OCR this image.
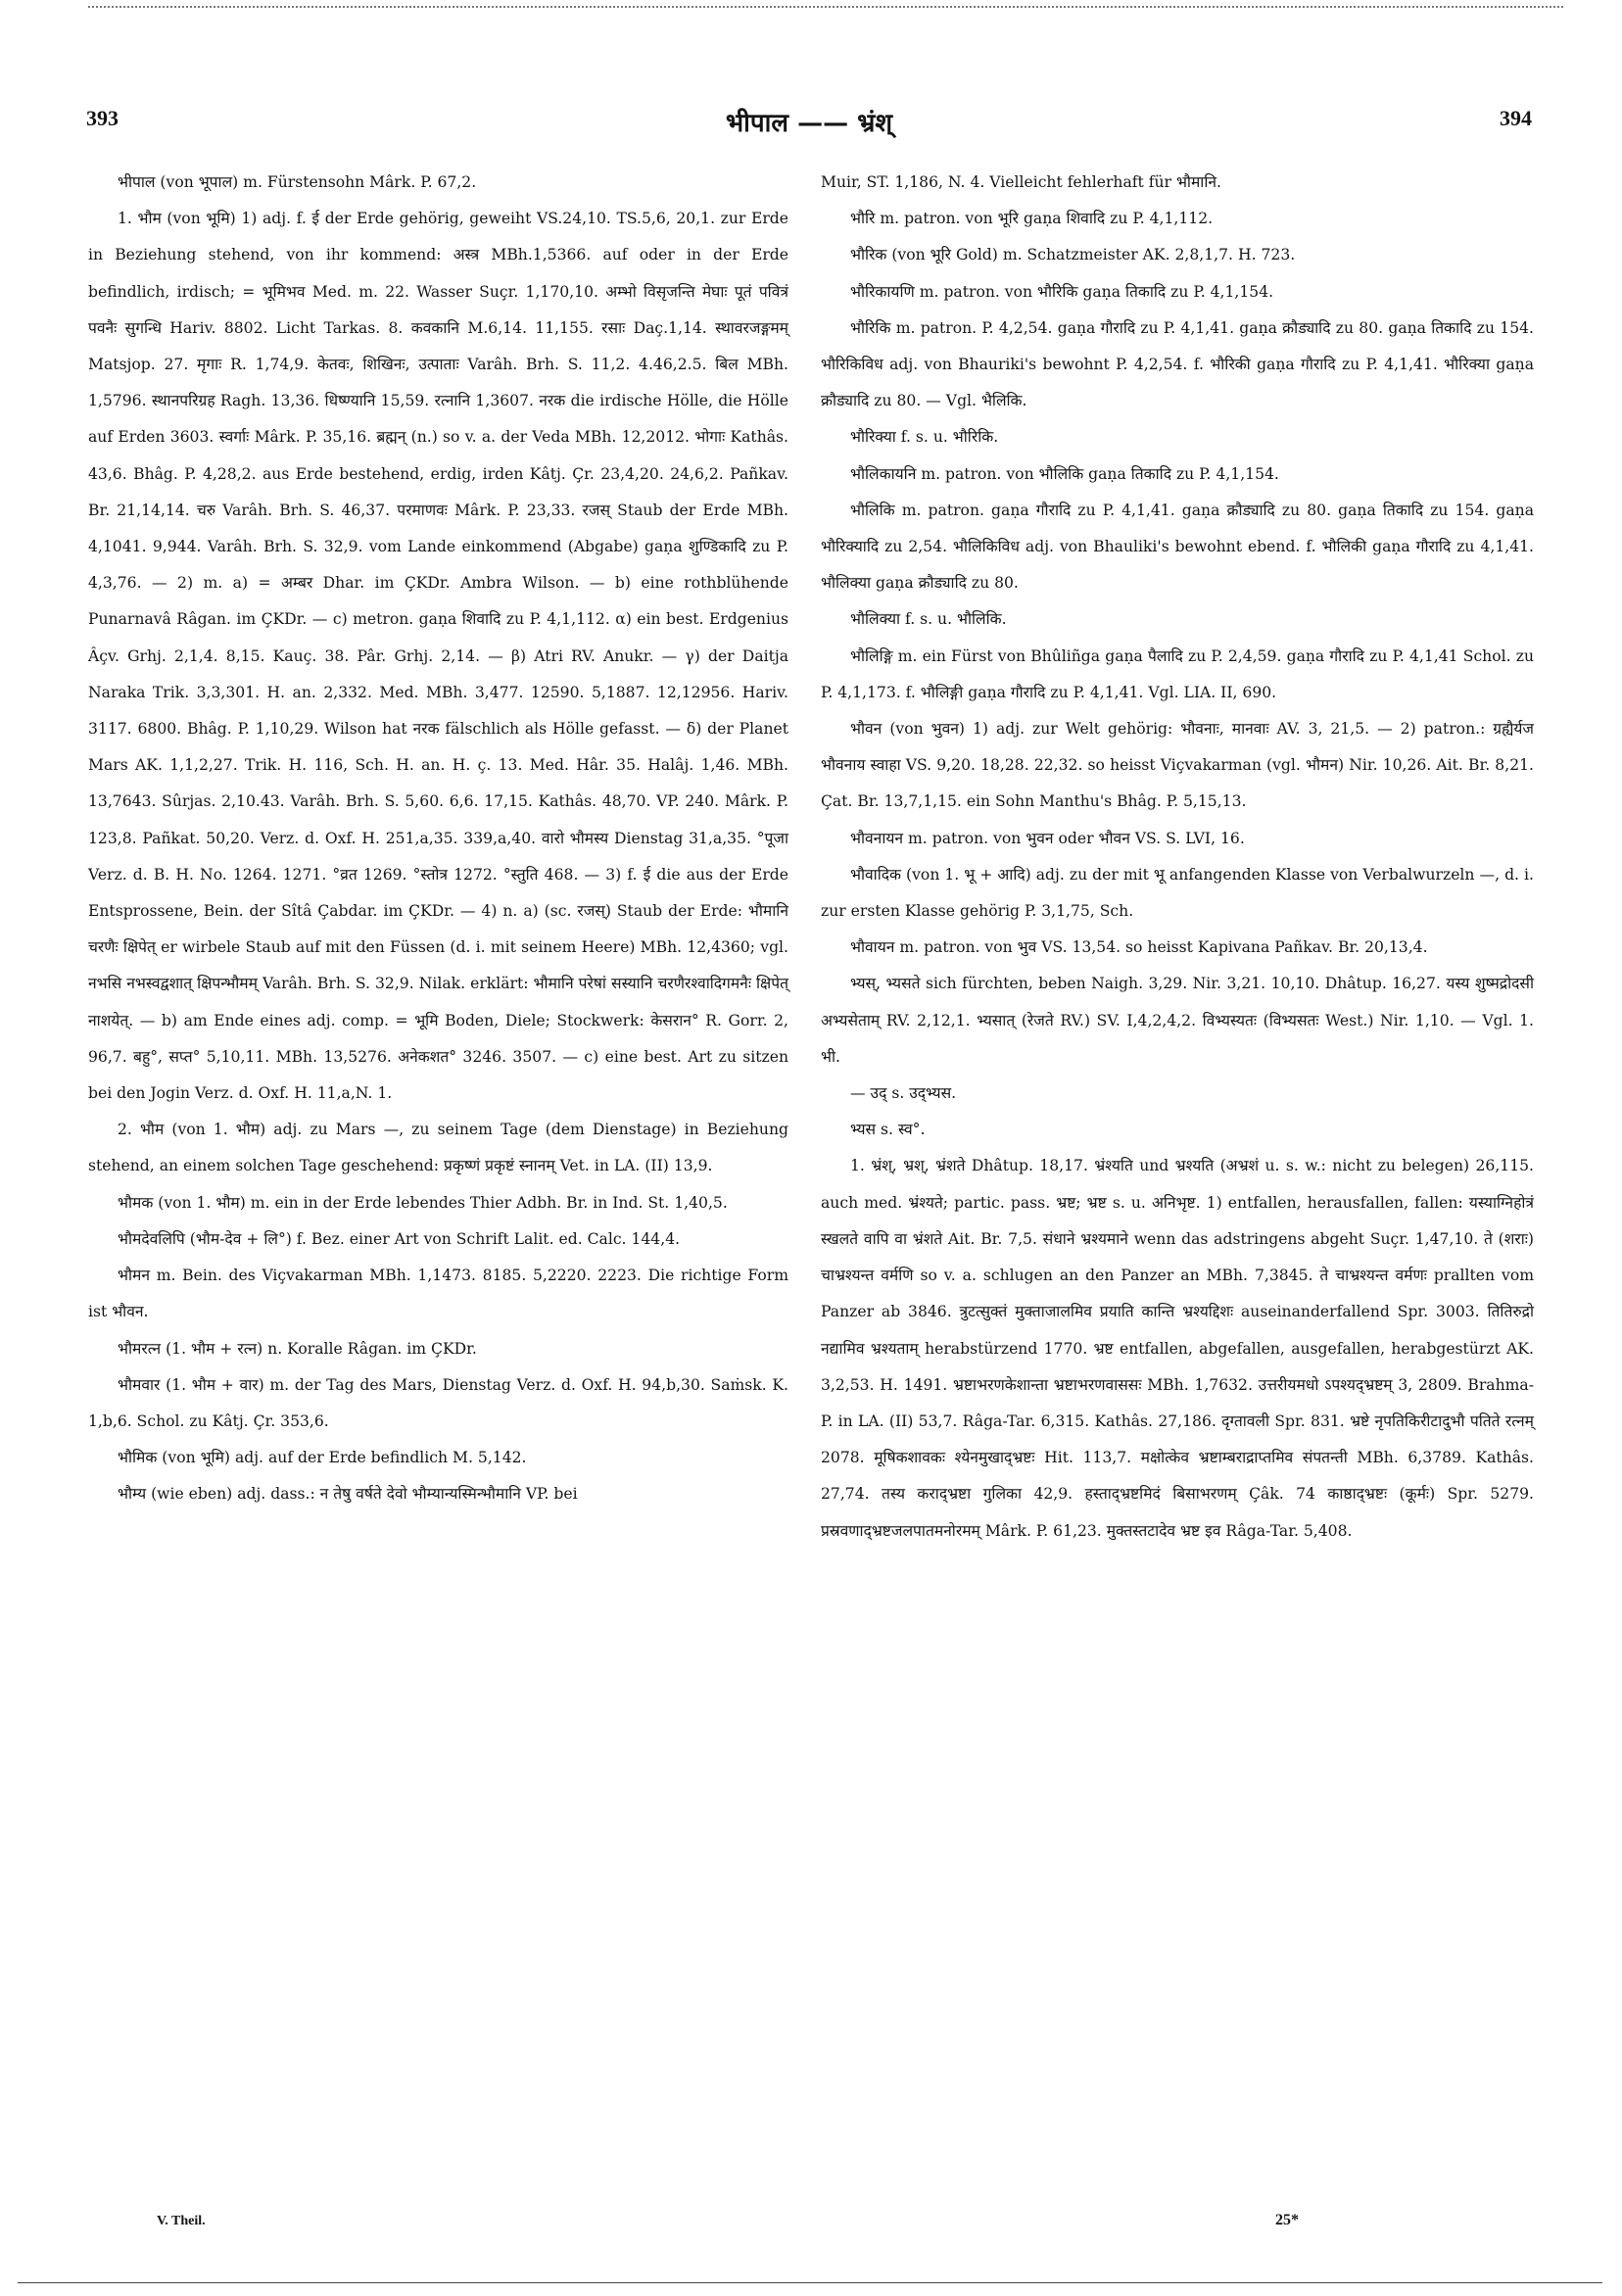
393	भीपाल —— भ्रंश्	394

भीपाल (von भूपाल) m. Fürstensohn Mârk. P. 67,2.

1. भौम (von भूमि) 1) adj. f. ई der Erde gehörig, geweiht VS.24,10. TS.5,6, 20,1. zur Erde in Beziehung stehend, von ihr kommend: अस्त्र MBh.1,5366. auf oder in der Erde befindlich, irdisch; = भूमिभव Med. m. 22. Wasser Suçr. 1,170,10. अम्भो विसृजन्ति मेघाः पूतं पवित्रं पवनैः सुगन्धि Hariv. 8802. Licht Tarkas. 8. कवकानि M.6,14. 11,155. रसाः Daç.1,14. स्थावरजङ्गमम् Matsjop. 27. मृगाः R. 1,74,9. केतवः, शिखिनः, उत्पाताः Varâh. Brh. S. 11,2. 4.46,2.5. बिल MBh. 1,5796. स्थानपरिग्रह Ragh. 13,36. धिष्ण्यानि 15,59. रत्नानि 1,3607. नरक die irdische Hölle, die Hölle auf Erden 3603. स्वर्गाः Mârk. P. 35,16. ब्रह्मन् (n.) so v. a. der Veda MBh. 12,2012. भोगाः Kathâs. 43,6. Bhâg. P. 4,28,2. aus Erde bestehend, erdig, irden Kâtj. Çr. 23,4,20. 24,6,2. Pañkav. Br. 21,14,14. चरु Varâh. Brh. S. 46,37. परमाणवः Mârk. P. 23,33. रजस् Staub der Erde MBh. 4,1041. 9,944. Varâh. Brh. S. 32,9. vom Lande einkommend (Abgabe) gaṇa शुण्डिकादि zu P. 4,3,76. — 2) m. a) = अम्बर Dhar. im ÇKDr. Ambra Wilson. — b) eine rothblühende Punarnavâ Râgan. im ÇKDr. — c) metron. gaṇa शिवादि zu P. 4,1,112. α) ein best. Erdgenius Âçv. Grhj. 2,1,4. 8,15. Kauç. 38. Pâr. Grhj. 2,14. — β) Atri RV. Anukr. — γ) der Daitja Naraka Trik. 3,3,301. H. an. 2,332. Med. MBh. 3,477. 12590. 5,1887. 12,12956. Hariv. 3117. 6800. Bhâg. P. 1,10,29. Wilson hat नरक fälschlich als Hölle gefasst. — δ) der Planet Mars AK. 1,1,2,27. Trik. H. 116, Sch. H. an. H. ç. 13. Med. Hâr. 35. Halâj. 1,46. MBh. 13,7643. Sûrjas. 2,10.43. Varâh. Brh. S. 5,60. 6,6. 17,15. Kathâs. 48,70. VP. 240. Mârk. P. 123,8. Pañkat. 50,20. Verz. d. Oxf. H. 251,a,35. 339,a,40. वारो भौमस्य Dienstag 31,a,35. °पूजा Verz. d. B. H. No. 1264. 1271. °व्रत 1269. °स्तोत्र 1272. °स्तुति 468. — 3) f. ई die aus der Erde Entsprossene, Bein. der Sîtâ Çabdar. im ÇKDr. — 4) n. a) (sc. रजस्) Staub der Erde: भौमानि चरणैः क्षिपेत् er wirbele Staub auf mit den Füssen (d. i. mit seinem Heere) MBh. 12,4360; vgl. नभसि नभस्वद्वशात् क्षिपन्भौमम् Varâh. Brh. S. 32,9. Nilak. erklärt: भौमानि परेषां सस्यानि चरणैरश्वादिगमनैः क्षिपेत् नाशयेत्. — b) am Ende eines adj. comp. = भूमि Boden, Diele; Stockwerk: केसरान° R. Gorr. 2, 96,7. बहु°, सप्त° 5,10,11. MBh. 13,5276. अनेकशत° 3246. 3507. — c) eine best. Art zu sitzen bei den Jogin Verz. d. Oxf. H. 11,a,N. 1.

2. भौम (von 1. भौम) adj. zu Mars —, zu seinem Tage (dem Dienstage) in Beziehung stehend, an einem solchen Tage geschehend: प्रकृष्णं प्रकृष्टं स्नानम् Vet. in LA. (II) 13,9.

भौमक (von 1. भौम) m. ein in der Erde lebendes Thier Adbh. Br. in Ind. St. 1,40,5.

भौमदेवलिपि (भौम-देव + लि°) f. Bez. einer Art von Schrift Lalit. ed. Calc. 144,4.

भौमन m. Bein. des Viçvakarman MBh. 1,1473. 8185. 5,2220. 2223. Die richtige Form ist भौवन.

भौमरत्न (1. भौम + रत्न) n. Koralle Râgan. im ÇKDr.

भौमवार (1. भौम + वार) m. der Tag des Mars, Dienstag Verz. d. Oxf. H. 94,b,30. Saṁsk. K. 1,b,6. Schol. zu Kâtj. Çr. 353,6.

भौमिक (von भूमि) adj. auf der Erde befindlich M. 5,142.

भौम्य (wie eben) adj. dass.: न तेषु वर्षते देवो भौम्यान्यस्मिन्भौमानि VP. bei

Muir, ST. 1,186, N. 4. Vielleicht fehlerhaft für भौमानि.

भौरि m. patron. von भूरि gaṇa शिवादि zu P. 4,1,112.

भौरिक (von भूरि Gold) m. Schatzmeister AK. 2,8,1,7. H. 723.

भौरिकायणि m. patron. von भौरिकि gaṇa तिकादि zu P. 4,1,154.

भौरिकि m. patron. P. 4,2,54. gaṇa गौरादि zu P. 4,1,41. gaṇa क्रौड्यादि zu 80. gaṇa तिकादि zu 154. भौरिकिविध adj. von Bhauriki's bewohnt P. 4,2,54. f. भौरिकी gaṇa गौरादि zu P. 4,1,41. भौरिक्या gaṇa क्रौड्यादि zu 80. — Vgl. भैलिकि.

भौरिक्या f. s. u. भौरिकि.

भौलिकायनि m. patron. von भौलिकि gaṇa तिकादि zu P. 4,1,154.

भौलिकि m. patron. gaṇa गौरादि zu P. 4,1,41. gaṇa क्रौड्यादि zu 80. gaṇa तिकादि zu 154. gaṇa भौरिक्यादि zu 2,54. भौलिकिविध adj. von Bhauliki's bewohnt ebend. f. भौलिकी gaṇa गौरादि zu 4,1,41. भौलिक्या gaṇa क्रौड्यादि zu 80.

भौलिक्या f. s. u. भौलिकि.

भौलिङ्गि m. ein Fürst von Bhûliñga gaṇa पैलादि zu P. 2,4,59. gaṇa गौरादि zu P. 4,1,41 Schol. zu P. 4,1,173. f. भौलिङ्गी gaṇa गौरादि zu P. 4,1,41. Vgl. LIA. II, 690.

भौवन (von भुवन) 1) adj. zur Welt gehörig: भौवनाः, मानवाः AV. 3, 21,5. — 2) patron.: ग्रह्यैर्यज भौवनाय स्वाहा VS. 9,20. 18,28. 22,32. so heisst Viçvakarman (vgl. भौमन) Nir. 10,26. Ait. Br. 8,21. Çat. Br. 13,7,1,15. ein Sohn Manthu's Bhâg. P. 5,15,13.

भौवनायन m. patron. von भुवन oder भौवन VS. S. LVI, 16.

भौवादिक (von 1. भू + आदि) adj. zu der mit भू anfangenden Klasse von Verbalwurzeln —, d. i. zur ersten Klasse gehörig P. 3,1,75, Sch.

भौवायन m. patron. von भुव VS. 13,54. so heisst Kapivana Pañkav. Br. 20,13,4.

भ्यस्, भ्यसते sich fürchten, beben Naigh. 3,29. Nir. 3,21. 10,10. Dhâtup. 16,27. यस्य शुष्मद्रोदसी अभ्यसेताम् RV. 2,12,1. भ्यसात् (रेजते RV.) SV. I,4,2,4,2. विभ्यस्यतः (विभ्यसतः West.) Nir. 1,10. — Vgl. 1. भी.

— उद् s. उद्भ्यस.

भ्यस s. स्व°.

1. भ्रंश्, भ्रश्, भ्रंशते Dhâtup. 18,17. भ्रंश्यति und भ्रश्यति (अभ्रशं u. s. w.: nicht zu belegen) 26,115. auch med. भ्रंश्यते; partic. pass. भ्रष्ट; भ्रष्ट s. u. अनिभृष्ट. 1) entfallen, herausfallen, fallen: यस्याग्निहोत्रं स्खलते वापि वा भ्रंशते Ait. Br. 7,5. संधाने भ्रश्यमाने wenn das adstringens abgeht Suçr. 1,47,10. ते (शराः) चाभ्रश्यन्त वर्मणि so v. a. schlugen an den Panzer an MBh. 7,3845. ते चाभ्रश्यन्त वर्मणः prallten vom Panzer ab 3846. त्रुटत्सुक्तं मुक्ताजालमिव प्रयाति कान्ति भ्रश्यद्दिशः auseinanderfallend Spr. 3003. तितिरुद्रो नद्यामिव भ्रश्यताम् herabstürzend 1770. भ्रष्ट entfallen, abgefallen, ausgefallen, herabgestürzt AK. 3,2,53. H. 1491. भ्रष्टाभरणकेशान्ता भ्रष्टाभरणवाससः MBh. 1,7632. उत्तरीयमधो ऽपश्यद्भ्रष्टम् 3, 2809. Brahma-P. in LA. (II) 53,7. Râga-Tar. 6,315. Kathâs. 27,186. दृग्तावली Spr. 831. भ्रष्टे नृपतिकिरीटादुभौ पतिते रत्नम् 2078. मूषिकशावकः श्येनमुखाद्भ्रष्टः Hit. 113,7. मक्षोत्केव भ्रष्टाम्बराद्राप्तमिव संपतन्ती MBh. 6,3789. Kathâs. 27,74. तस्य कराद्भ्रष्टा गुलिका 42,9. हस्ताद्भ्रष्टमिदं बिसाभरणम् Çâk. 74 काष्ठाद्भ्रष्टः (कूर्मः) Spr. 5279. प्रस्रवणाद्भ्रष्टजलपातमनोरमम् Mârk. P. 61,23. मुक्तस्तटादेव भ्रष्ट इव Râga-Tar. 5,408.

V. Theil.	25*
